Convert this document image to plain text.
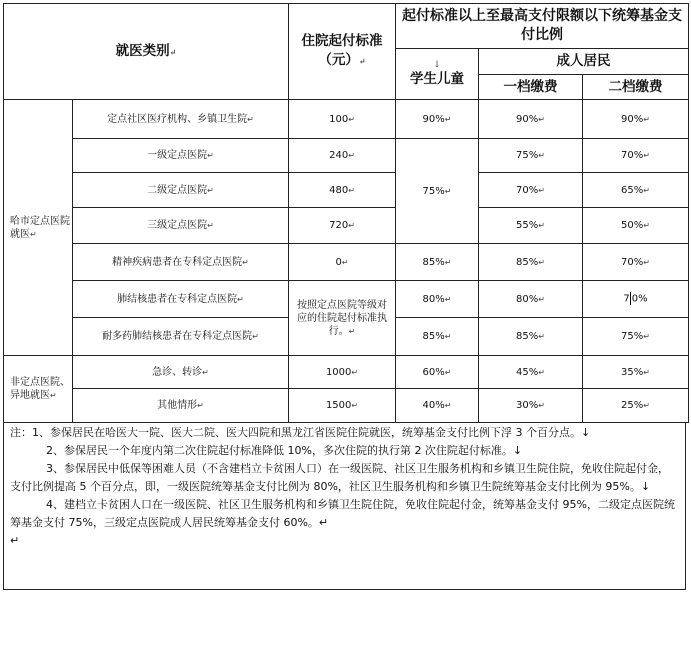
就医类别↵		住院起付标准（元）↵	起付标准以上至最高支付限额以下统筹基金支付比例		

			↓
学生儿童	成人居民	
				一档缴费	二档缴费
哈市定点医院就医↵	定点社区医疗机构、乡镇卫生院↵	100↵	90%↵	90%↵	90%↵
	一级定点医院↵	240↵	75%↵	75%↵	70%↵
	二级定点医院↵	480↵		70%↵	65%↵
	三级定点医院↵	720↵		55%↵	50%↵
	精神疾病患者在专科定点医院↵	0↵	85%↵	85%↵	70%↵
	肺结核患者在专科定点医院↵	按照定点医院等级对应的住院起付标准执行。↵	80%↵	80%↵	7 0%
	耐多药肺结核患者在专科定点医院↵		85%↵	85%↵	75%↵
非定点医院、异地就医↵	急诊、转诊↵	1000↵	60%↵	45%↵	35%↵
	其他情形↵	1500↵	40%↵	30%↵	25%↵

注：1、参保居民在哈医大一院、医大二院、医大四院和黑龙江省医院住院就医，统筹基金支付比例下浮 3 个百分点。↓

2、参保居民一个年度内第二次住院起付标准降低 10%，多次住院的执行第 2 次住院起付标准。↓

3、参保居民中低保等困难人员（不含建档立卡贫困人口）在一级医院、社区卫生服务机构和乡镇卫生院住院，免收住院起付金，支付比例提高 5 个百分点，即，一级医院统筹基金支付比例为 80%，社区卫生服务机构和乡镇卫生院统筹基金支付比例为 95%。↓

4、建档立卡贫困人口在一级医院、社区卫生服务机构和乡镇卫生院住院，免收住院起付金，统筹基金支付 95%，二级定点医院统筹基金支付 75%，三级定点医院成人居民统筹基金支付 60%。↵

↵
